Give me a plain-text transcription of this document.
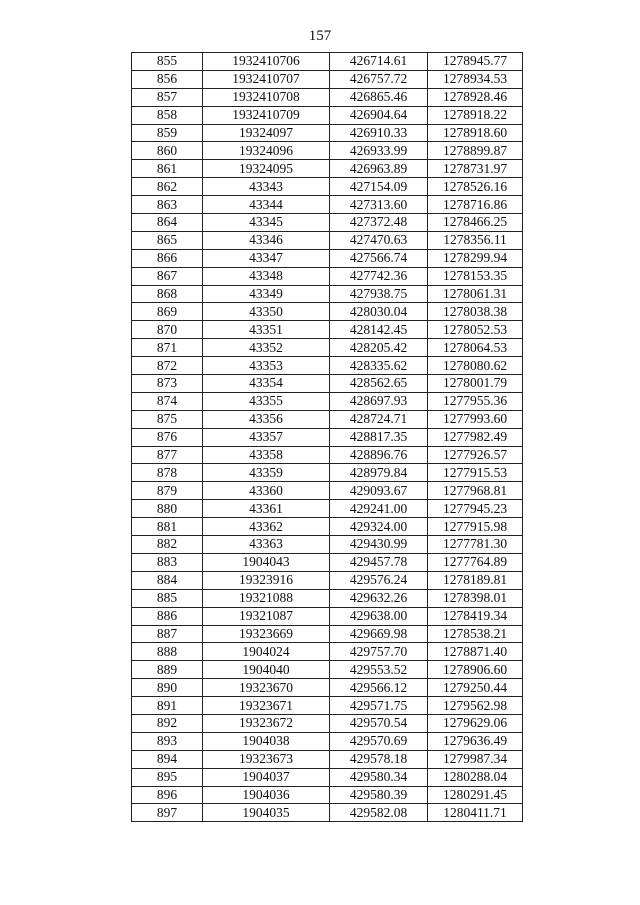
157
855	1932410706	426714.61	1278945.77
856	1932410707	426757.72	1278934.53
857	1932410708	426865.46	1278928.46
858	1932410709	426904.64	1278918.22
859	19324097	426910.33	1278918.60
860	19324096	426933.99	1278899.87
861	19324095	426963.89	1278731.97
862	43343	427154.09	1278526.16
863	43344	427313.60	1278716.86
864	43345	427372.48	1278466.25
865	43346	427470.63	1278356.11
866	43347	427566.74	1278299.94
867	43348	427742.36	1278153.35
868	43349	427938.75	1278061.31
869	43350	428030.04	1278038.38
870	43351	428142.45	1278052.53
871	43352	428205.42	1278064.53
872	43353	428335.62	1278080.62
873	43354	428562.65	1278001.79
874	43355	428697.93	1277955.36
875	43356	428724.71	1277993.60
876	43357	428817.35	1277982.49
877	43358	428896.76	1277926.57
878	43359	428979.84	1277915.53
879	43360	429093.67	1277968.81
880	43361	429241.00	1277945.23
881	43362	429324.00	1277915.98
882	43363	429430.99	1277781.30
883	1904043	429457.78	1277764.89
884	19323916	429576.24	1278189.81
885	19321088	429632.26	1278398.01
886	19321087	429638.00	1278419.34
887	19323669	429669.98	1278538.21
888	1904024	429757.70	1278871.40
889	1904040	429553.52	1278906.60
890	19323670	429566.12	1279250.44
891	19323671	429571.75	1279562.98
892	19323672	429570.54	1279629.06
893	1904038	429570.69	1279636.49
894	19323673	429578.18	1279987.34
895	1904037	429580.34	1280288.04
896	1904036	429580.39	1280291.45
897	1904035	429582.08	1280411.71
